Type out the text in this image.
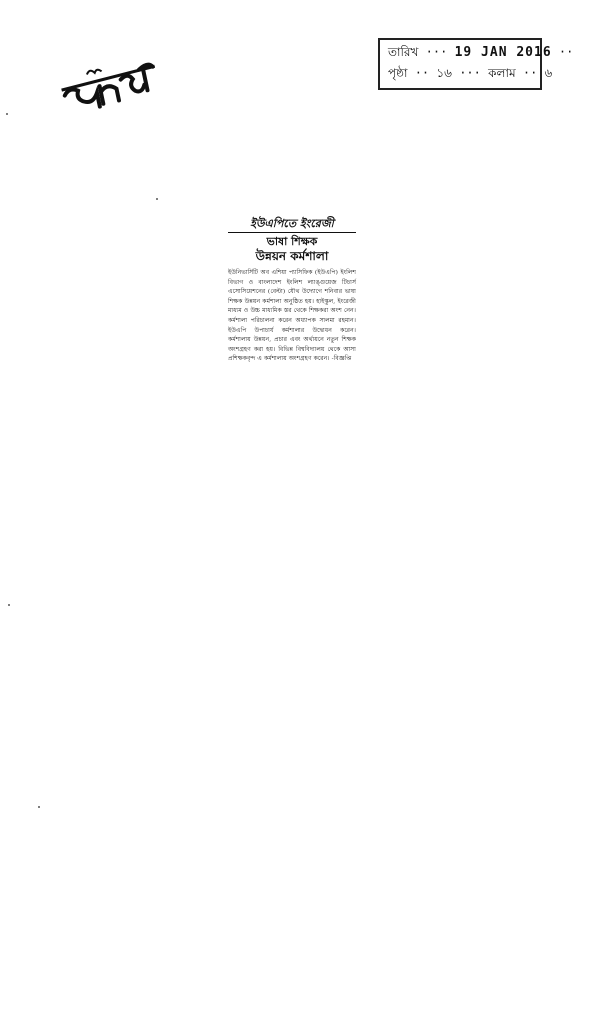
তারিখ ··· 19 JAN 2016 ··
পৃষ্ঠা ·· ১৬ ··· কলাম ·· ৬

ইউএপিতে ইংরেজী

ভাষা শিক্ষক

উন্নয়ন কর্মশালা

ইউনিভার্সিটি অব এশিয়া প্যাসিফিক (ইউএপি) ইংলিশ বিভাগ ও বাংলাদেশ ইংলিশ ল্যাঙ্গুয়েজ টিচার্স এসোসিয়েশনের (বেল্টা) যৌথ উদ্যোগে শনিবার ভাষা শিক্ষক উন্নয়ন কর্মশালা অনুষ্ঠিত হয়। হাইস্কুল, ইংরেজী মাধ্যম ও উচ্চ মাধ্যমিক স্তর থেকে শিক্ষকরা অংশ নেন। কর্মশালা পরিচালনা করেন অধ্যাপক সালমা রহমান। ইউএপি উপাচার্য কর্মশালার উদ্বোধন করেন। কর্মশালায় উন্নয়ন, প্রচার এবং অর্থায়নে নতুন শিক্ষক অংশগ্রহণ করা হয়। বিভিন্ন বিশ্ববিদ্যালয় থেকে আসা প্রশিক্ষকবৃন্দ এ কর্মশালায় অংশগ্রহণ করেন। -বিজ্ঞপ্তি
